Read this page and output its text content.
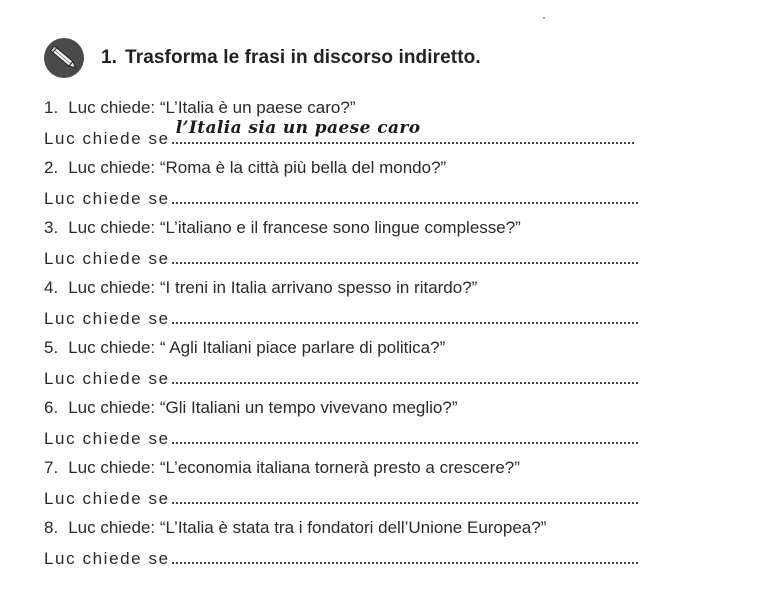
1. Trasforma le frasi in discorso indiretto.
1. Luc chiede: “L’Italia è un paese caro?”
Luc chiede se
l’Italia sia un paese caro
2. Luc chiede: “Roma è la città più bella del mondo?”
Luc chiede se
3. Luc chiede: “L’italiano e il francese sono lingue complesse?”
Luc chiede se
4. Luc chiede: “I treni in Italia arrivano spesso in ritardo?”
Luc chiede se
5. Luc chiede: “ Agli Italiani piace parlare di politica?”
Luc chiede se
6. Luc chiede: “Gli Italiani un tempo vivevano meglio?”
Luc chiede se
7. Luc chiede: “L’economia italiana tornerà presto a crescere?”
Luc chiede se
8. Luc chiede: “L’Italia è stata tra i fondatori dell’Unione Europea?”
Luc chiede se
